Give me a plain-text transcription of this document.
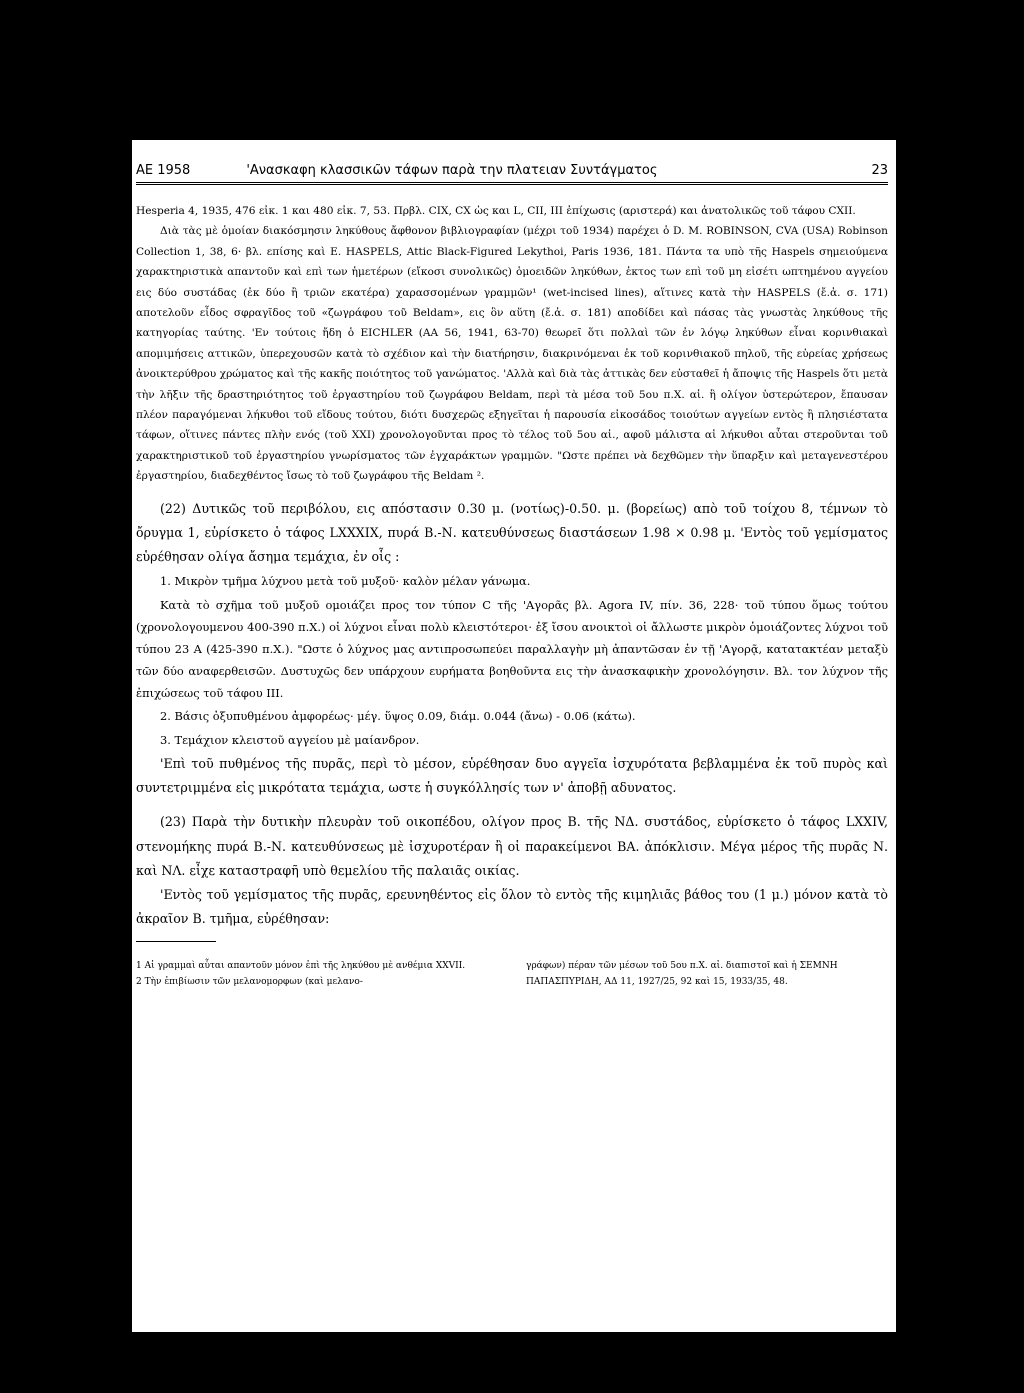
ΑΕ 1958	'Ανασκαφη κλασσικῶν τάφων παρὰ την πλατειαν Συντάγματος	23

Hesperia 4, 1935, 476 εἰκ. 1 και 480 εἰκ. 7, 53. Πρβλ. CIX, CX ὡς και L, CII, III ἐπίχωσις (αριστερά) και ἀνατολικῶς τοῦ τάφου CXII.

Διὰ τὰς μὲ ὁμοίαν διακόσμησιν ληκύθους ἄφθονον βιβλιογραφίαν (μέχρι τοῦ 1934) παρέχει ὁ D. M. ROBINSON, CVA (USA) Robinson Collection 1, 38, 6· βλ. επίσης καὶ E. HASPELS, Attic Black-Figured Lekythoi, Paris 1936, 181. Πάντα τα υπὸ τῆς Haspels σημειούμενα χαρακτηριστικὰ απαντοῦν καὶ επὶ των ἡμετέρων (εἴκοσι συνολικῶς) ὁμοειδῶν ληκύθων, ἐκτος των επὶ τοῦ μη εἰσέτι ωπτημένου αγγείου εις δύο συστάδας (ἐκ δύο ἢ τριῶν εκατέρα) χαρασσομένων γραμμῶν¹ (wet-incised lines), αἵτινες κατὰ τὴν HASPELS (ἔ.ἀ. σ. 171) αποτελοῦν εἶδος σφραγῖδος τοῦ «ζωγράφου τοῦ Beldam», εις ὃν αὕτη (ἔ.ἀ. σ. 181) αποδίδει καὶ πάσας τὰς γνωστὰς ληκύθους τῆς κατηγορίας ταύτης. 'Εν τούτοις ἤδη ὁ EICHLER (AA 56, 1941, 63-70) θεωρεῖ ὅτι πολλαὶ τῶν ἐν λόγῳ ληκύθων εἶναι κορινθιακαὶ απομιμήσεις αττικῶν, ὑπερεχουσῶν κατὰ τὸ σχέδιον καὶ τὴν διατήρησιν, διακρινόμεναι ἐκ τοῦ κορινθιακοῦ πηλοῦ, τῆς εὐρείας χρήσεως ἀνοικτερύθρου χρώματος καὶ τῆς κακῆς ποιότητος τοῦ γανώματος. 'Αλλὰ καὶ διὰ τὰς ἀττικὰς δεν εὐσταθεῖ ἡ ἄποψις τῆς Haspels ὅτι μετὰ τὴν λῆξιν τῆς δραστηριότητος τοῦ ἐργαστηρίου τοῦ ζωγράφου Beldam, περὶ τὰ μέσα τοῦ 5ου π.Χ. αἰ. ἢ ολίγον ὑστερώτερον, ἔπαυσαν πλέον παραγόμεναι λήκυθοι τοῦ εἴδους τούτου, διότι δυσχερῶς εξηγεῖται ἡ παρουσία εἰκοσάδος τοιούτων αγγείων εντὸς ἢ πλησιέστατα τάφων, οἵτινες πάντες πλὴν ενός (τοῦ XXI) χρονολογοῦνται προς τὸ τέλος τοῦ 5ου αἰ., αφοῦ μάλιστα αἱ λήκυθοι αὗται στεροῦνται τοῦ χαρακτηριστικοῦ τοῦ ἐργαστηρίου γνωρίσματος τῶν ἐγχαράκτων γραμμῶν. "Ωστε πρέπει νὰ δεχθῶμεν τὴν ὕπαρξιν καὶ μεταγενεστέρου ἐργαστηρίου, διαδεχθέντος ἴσως τὸ τοῦ ζωγράφου τῆς Beldam ².

(22) Δυτικῶς τοῦ περιβόλου, εις απόστασιν 0.30 μ. (νοτίως)-0.50. μ. (βορείως) απὸ τοῦ τοίχου 8, τέμνων τὸ ὄρυγμα 1, εὑρίσκετο ὁ τάφος LXXXIX, πυρά Β.-Ν. κατευθύνσεως διαστάσεων 1.98 × 0.98 μ. 'Εντὸς τοῦ γεμίσματος εὑρέθησαν ολίγα ἄσημα τεμάχια, ἐν οἷς :

1. Μικρὸν τμῆμα λύχνου μετὰ τοῦ μυξοῦ· καλὸν μέλαν γάνωμα.

Κατὰ τὸ σχῆμα τοῦ μυξοῦ ομοιάζει προς τον τύπον C τῆς 'Αγορᾶς βλ. Agora IV, πίν. 36, 228· τοῦ τύπου ὅμως τούτου (χρονολογουμενου 400-390 π.Χ.) οἱ λύχνοι εἶναι πολὺ κλειστότεροι· ἐξ ἴσου ανοικτοὶ οἱ ἄλλωστε μικρὸν ὁμοιάζοντες λύχνοι τοῦ τύπου 23 Α (425-390 π.Χ.). "Ωστε ὁ λύχνος μας αντιπροσωπεύει παραλλαγὴν μὴ ἀπαντῶσαν ἐν τῇ 'Αγορᾷ, κατατακτέαν μεταξὺ τῶν δύο αναφερθεισῶν. Δυστυχῶς δεν υπάρχουν ευρήματα βοηθοῦντα εις τὴν ἀνασκαφικὴν χρονολόγησιν. Βλ. τον λύχνον τῆς ἐπιχώσεως τοῦ τάφου III.

2. Βάσις ὀξυπυθμένου ἀμφορέως· μέγ. ὕψος 0.09, διάμ. 0.044 (ἄνω) - 0.06 (κάτω).

3. Τεμάχιον κλειστοῦ αγγείου μὲ μαίανδρον.

'Επὶ τοῦ πυθμένος τῆς πυρᾶς, περὶ τὸ μέσον, εὑρέθησαν δυο αγγεῖα ἰσχυρότατα βεβλαμμένα ἐκ τοῦ πυρὸς καὶ συντετριμμένα εἰς μικρότατα τεμάχια, ωστε ἡ συγκόλλησίς των ν' ἀποβῇ αδυνατος.

(23) Παρὰ τὴν δυτικὴν πλευρὰν τοῦ οικοπέδου, ολίγον προς Β. τῆς ΝΔ. συστάδος, εὑρίσκετο ὁ τάφος LXXIV, στενομήκης πυρά Β.-Ν. κατευθύνσεως μὲ ἰσχυροτέραν ἢ οἱ παρακείμενοι ΒΑ. ἀπόκλισιν. Μέγα μέρος τῆς πυρᾶς Ν. καὶ ΝΛ. εἶχε καταστραφῆ υπὸ θεμελίου τῆς παλαιᾶς οικίας.

'Εντὸς τοῦ γεμίσματος τῆς πυρᾶς, ερευνηθέντος εἰς ὅλον τὸ εντὸς τῆς κιμηλιᾶς βάθος του (1 μ.) μόνον κατὰ τὸ ἀκραῖον Β. τμῆμα, εὑρέθησαν:

1 Αἱ γραμμαὶ αὗται απαντοῦν μόνον ἐπὶ τῆς ληκύθου μὲ ανθέμια XXVII.

2 Τὴν ἐπιβίωσιν τῶν μελανομορφων (καὶ μελανο-

γράφων) πέραν τῶν μέσων τοῦ 5ου π.Χ. αἰ. διαπιστοῖ καὶ ἡ ΣΕΜΝΗ ΠΑΠΑΣΠΥΡΙΔΗ, ΑΔ 11, 1927/25, 92 καὶ 15, 1933/35, 48.
